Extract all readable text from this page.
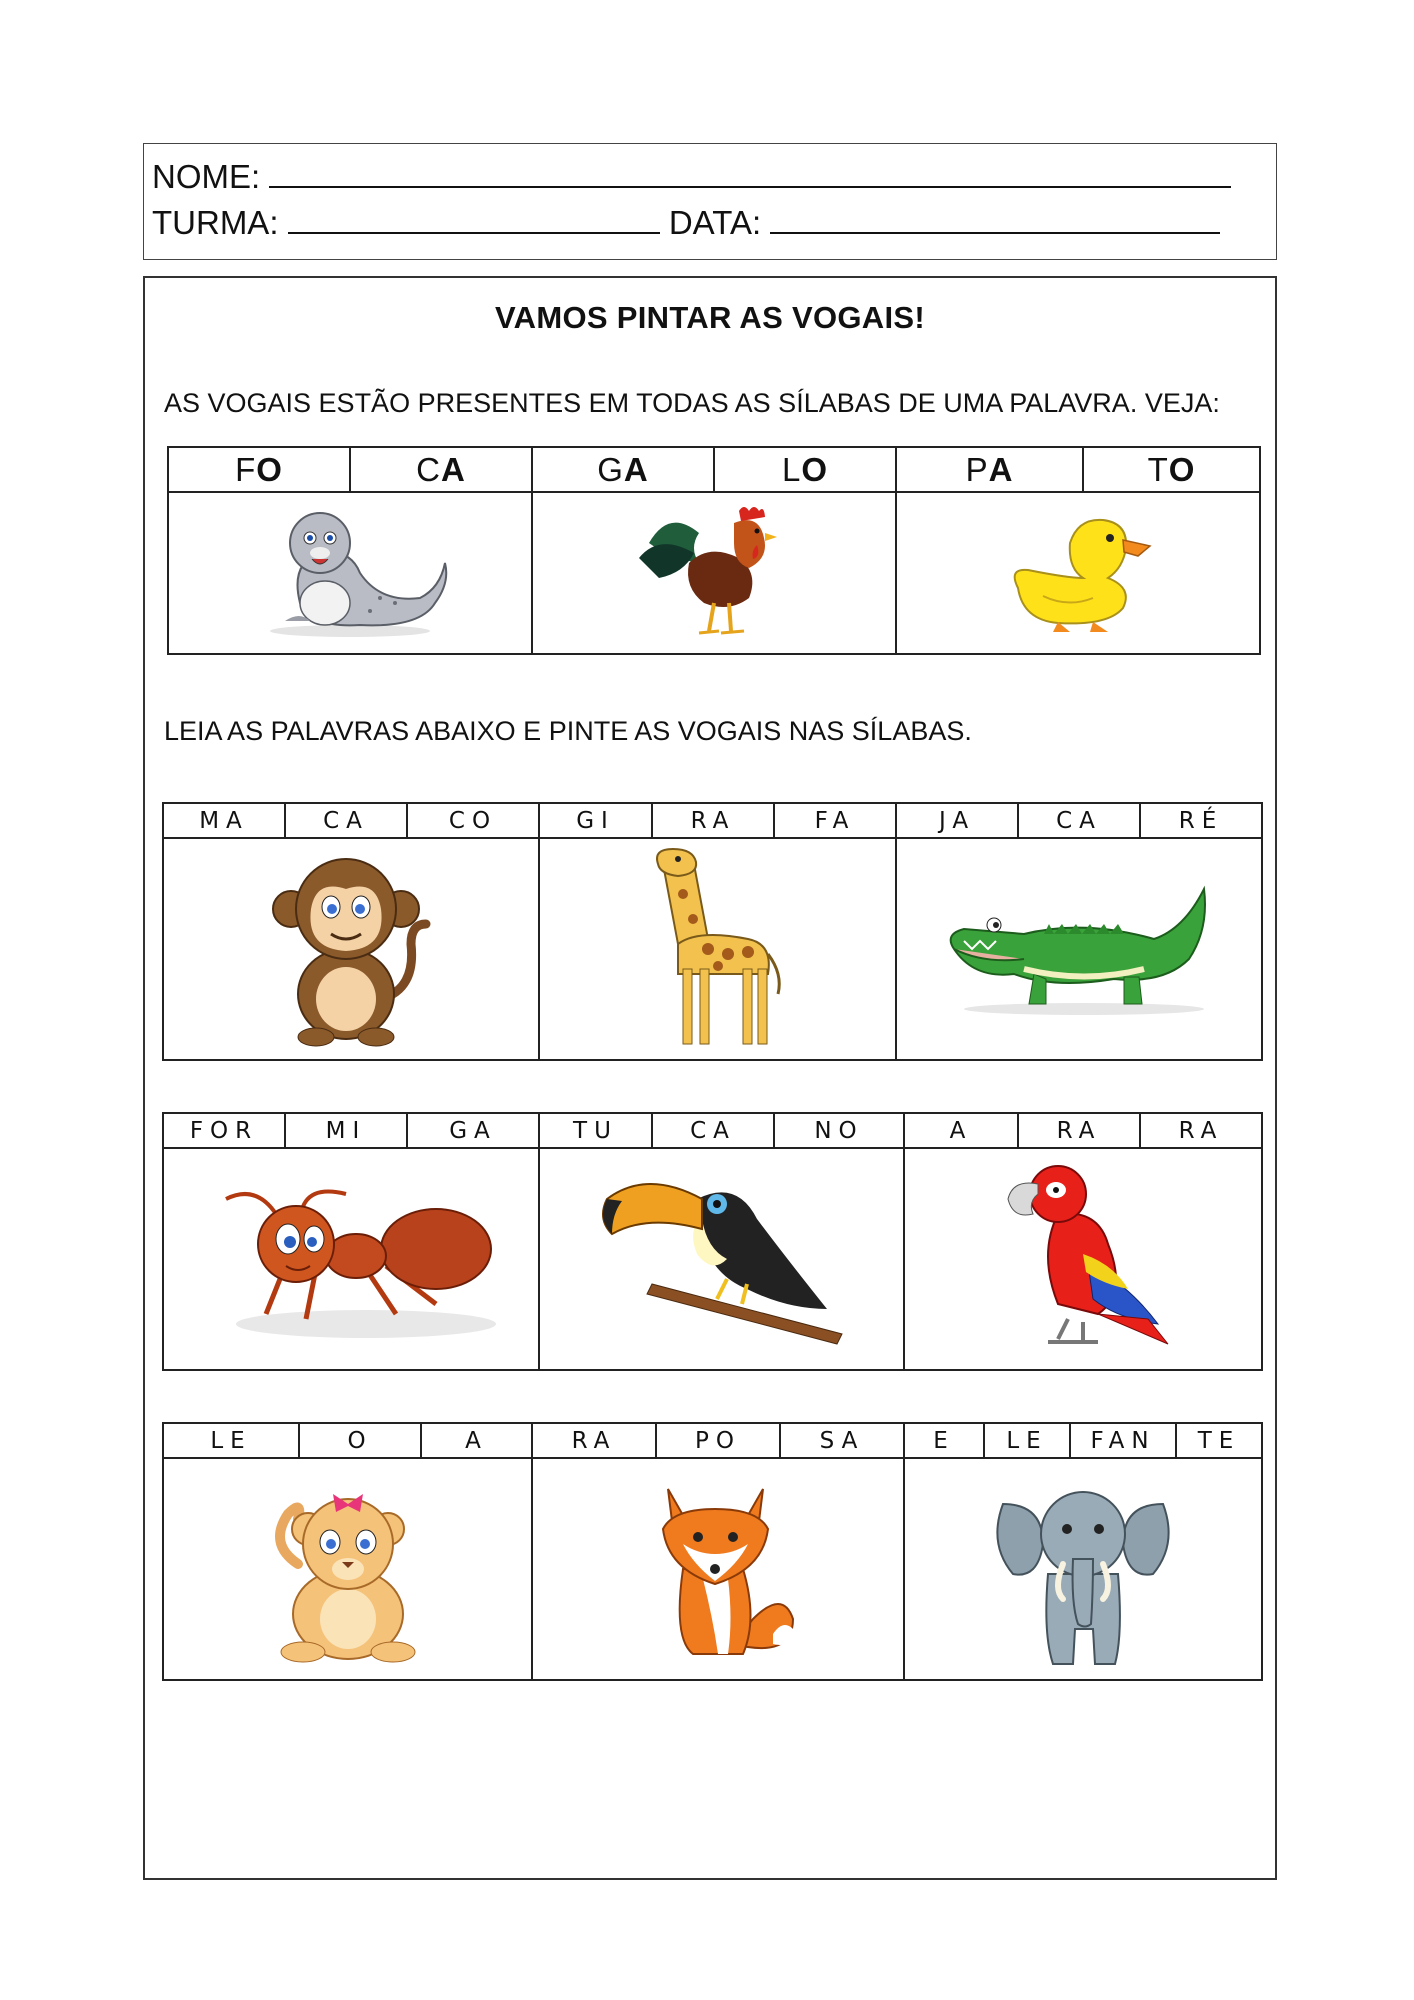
NOME:
TURMA:	DATA:
VAMOS PINTAR AS VOGAIS!
AS VOGAIS ESTÃO PRESENTES EM TODAS AS SÍLABAS DE UMA PALAVRA. VEJA:
FO	CA	GA	LO	PA	TO

LEIA AS PALAVRAS ABAIXO E PINTE AS VOGAIS NAS SÍLABAS.
MA	CA	CO	GI	RA	FA	JA	CA	RÉ

FOR	MI	GA	TU	CA	NO	A	RA	RA

LE	O	A	RA	PO	SA	E	LE	FAN	TE
